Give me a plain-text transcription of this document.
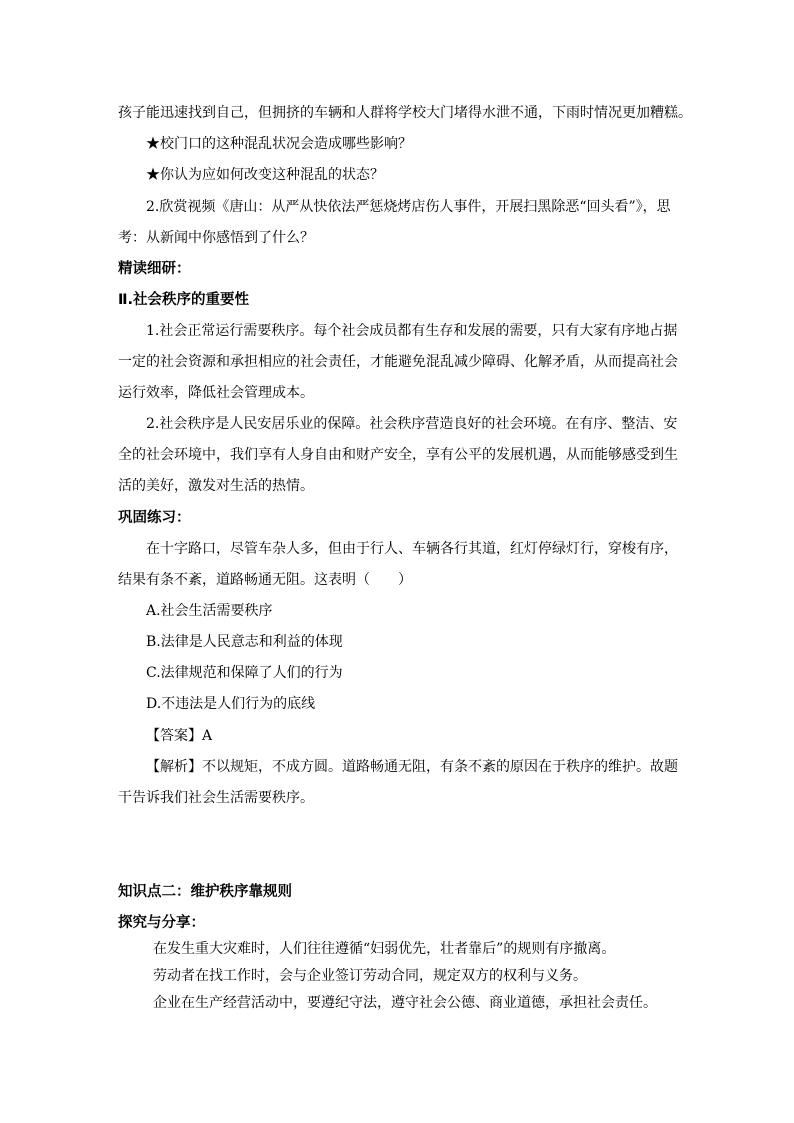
孩子能迅速找到自己，但拥挤的车辆和人群将学校大门堵得水泄不通，下雨时情况更加糟糕。
★校门口的这种混乱状况会造成哪些影响？
★你认为应如何改变这种混乱的状态？
2.欣赏视频《唐山：从严从快依法严惩烧烤店伤人事件，开展扫黑除恶“回头看”》，思
考：从新闻中你感悟到了什么？
精读细研：
Ⅱ.社会秩序的重要性
1.社会正常运行需要秩序。每个社会成员都有生存和发展的需要，只有大家有序地占据
一定的社会资源和承担相应的社会责任，才能避免混乱减少障碍、化解矛盾，从而提高社会
运行效率，降低社会管理成本。
2.社会秩序是人民安居乐业的保障。社会秩序营造良好的社会环境。在有序、整洁、安
全的社会环境中，我们享有人身自由和财产安全，享有公平的发展机遇，从而能够感受到生
活的美好，激发对生活的热情。
巩固练习：
在十字路口，尽管车杂人多，但由于行人、车辆各行其道，红灯停绿灯行，穿梭有序，
结果有条不紊，道路畅通无阻。这表明（　　）
A.社会生活需要秩序
B.法律是人民意志和利益的体现
C.法律规范和保障了人们的行为
D.不违法是人们行为的底线
【答案】A
【解析】不以规矩，不成方圆。道路畅通无阻，有条不紊的原因在于秩序的维护。故题
干告诉我们社会生活需要秩序。
知识点二：维护秩序靠规则
探究与分享：
在发生重大灾难时，人们往往遵循“妇弱优先，壮者靠后”的规则有序撤离。
劳动者在找工作时，会与企业签订劳动合同，规定双方的权利与义务。
企业在生产经营活动中，要遵纪守法，遵守社会公德、商业道德，承担社会责任。
